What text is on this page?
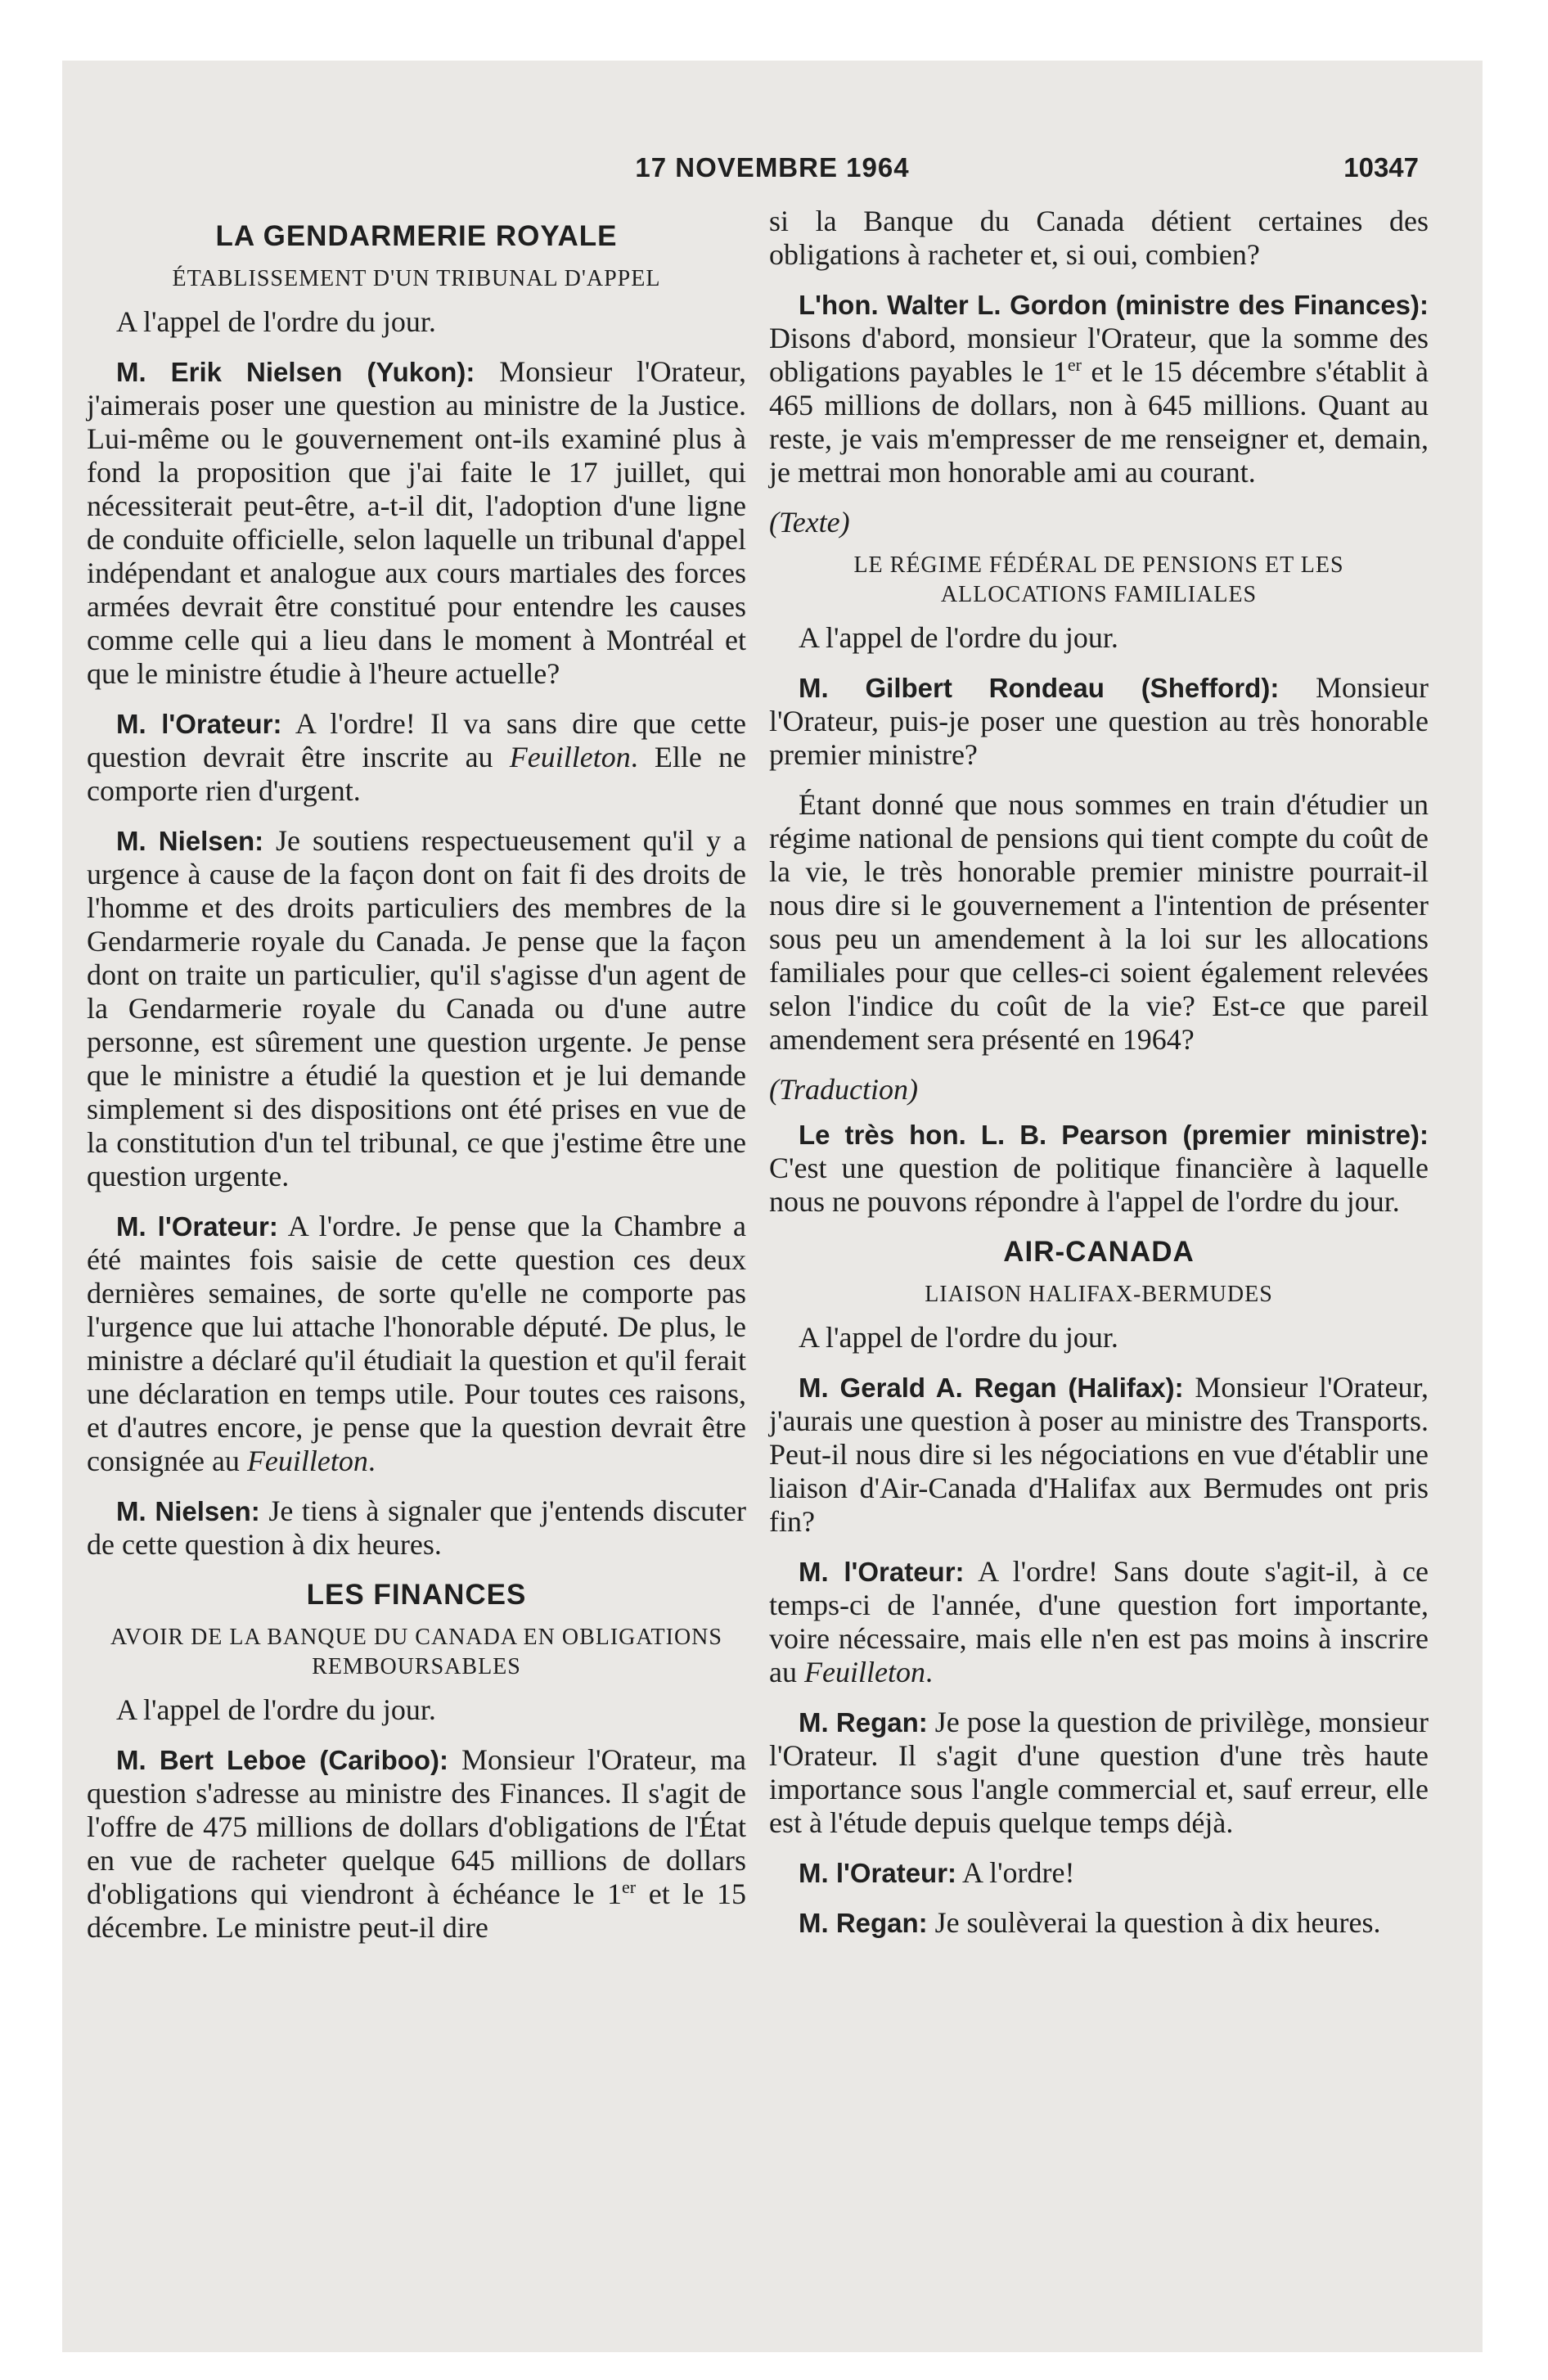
17 NOVEMBRE 1964	10347
LA GENDARMERIE ROYALE
ÉTABLISSEMENT D'UN TRIBUNAL D'APPEL

A l'appel de l'ordre du jour.

M. Erik Nielsen (Yukon): Monsieur l'Orateur, j'aimerais poser une question au ministre de la Justice. Lui-même ou le gouvernement ont-ils examiné plus à fond la proposition que j'ai faite le 17 juillet, qui nécessiterait peut-être, a-t-il dit, l'adoption d'une ligne de conduite officielle, selon laquelle un tribunal d'appel indépendant et analogue aux cours martiales des forces armées devrait être constitué pour entendre les causes comme celle qui a lieu dans le moment à Montréal et que le ministre étudie à l'heure actuelle?

M. l'Orateur: A l'ordre! Il va sans dire que cette question devrait être inscrite au Feuilleton. Elle ne comporte rien d'urgent.

M. Nielsen: Je soutiens respectueusement qu'il y a urgence à cause de la façon dont on fait fi des droits de l'homme et des droits particuliers des membres de la Gendarmerie royale du Canada. Je pense que la façon dont on traite un particulier, qu'il s'agisse d'un agent de la Gendarmerie royale du Canada ou d'une autre personne, est sûrement une question urgente. Je pense que le ministre a étudié la question et je lui demande simplement si des dispositions ont été prises en vue de la constitution d'un tel tribunal, ce que j'estime être une question urgente.

M. l'Orateur: A l'ordre. Je pense que la Chambre a été maintes fois saisie de cette question ces deux dernières semaines, de sorte qu'elle ne comporte pas l'urgence que lui attache l'honorable député. De plus, le ministre a déclaré qu'il étudiait la question et qu'il ferait une déclaration en temps utile. Pour toutes ces raisons, et d'autres encore, je pense que la question devrait être consignée au Feuilleton.

M. Nielsen: Je tiens à signaler que j'entends discuter de cette question à dix heures.

LES FINANCES
AVOIR DE LA BANQUE DU CANADA EN OBLIGATIONS REMBOURSABLES

A l'appel de l'ordre du jour.

M. Bert Leboe (Cariboo): Monsieur l'Orateur, ma question s'adresse au ministre des Finances. Il s'agit de l'offre de 475 millions de dollars d'obligations de l'État en vue de racheter quelque 645 millions de dollars d'obligations qui viendront à échéance le 1er et le 15 décembre. Le ministre peut-il dire

si la Banque du Canada détient certaines des obligations à racheter et, si oui, combien?

L'hon. Walter L. Gordon (ministre des Finances): Disons d'abord, monsieur l'Orateur, que la somme des obligations payables le 1er et le 15 décembre s'établit à 465 millions de dollars, non à 645 millions. Quant au reste, je vais m'empresser de me renseigner et, demain, je mettrai mon honorable ami au courant.

(Texte)
LE RÉGIME FÉDÉRAL DE PENSIONS ET LES ALLOCATIONS FAMILIALES

A l'appel de l'ordre du jour.

M. Gilbert Rondeau (Shefford): Monsieur l'Orateur, puis-je poser une question au très honorable premier ministre?

Étant donné que nous sommes en train d'étudier un régime national de pensions qui tient compte du coût de la vie, le très honorable premier ministre pourrait-il nous dire si le gouvernement a l'intention de présenter sous peu un amendement à la loi sur les allocations familiales pour que celles-ci soient également relevées selon l'indice du coût de la vie? Est-ce que pareil amendement sera présenté en 1964?

(Traduction)

Le très hon. L. B. Pearson (premier ministre): C'est une question de politique financière à laquelle nous ne pouvons répondre à l'appel de l'ordre du jour.

AIR-CANADA
LIAISON HALIFAX-BERMUDES

A l'appel de l'ordre du jour.

M. Gerald A. Regan (Halifax): Monsieur l'Orateur, j'aurais une question à poser au ministre des Transports. Peut-il nous dire si les négociations en vue d'établir une liaison d'Air-Canada d'Halifax aux Bermudes ont pris fin?

M. l'Orateur: A l'ordre! Sans doute s'agit-il, à ce temps-ci de l'année, d'une question fort importante, voire nécessaire, mais elle n'en est pas moins à inscrire au Feuilleton.

M. Regan: Je pose la question de privilège, monsieur l'Orateur. Il s'agit d'une question d'une très haute importance sous l'angle commercial et, sauf erreur, elle est à l'étude depuis quelque temps déjà.

M. l'Orateur: A l'ordre!

M. Regan: Je soulèverai la question à dix heures.
